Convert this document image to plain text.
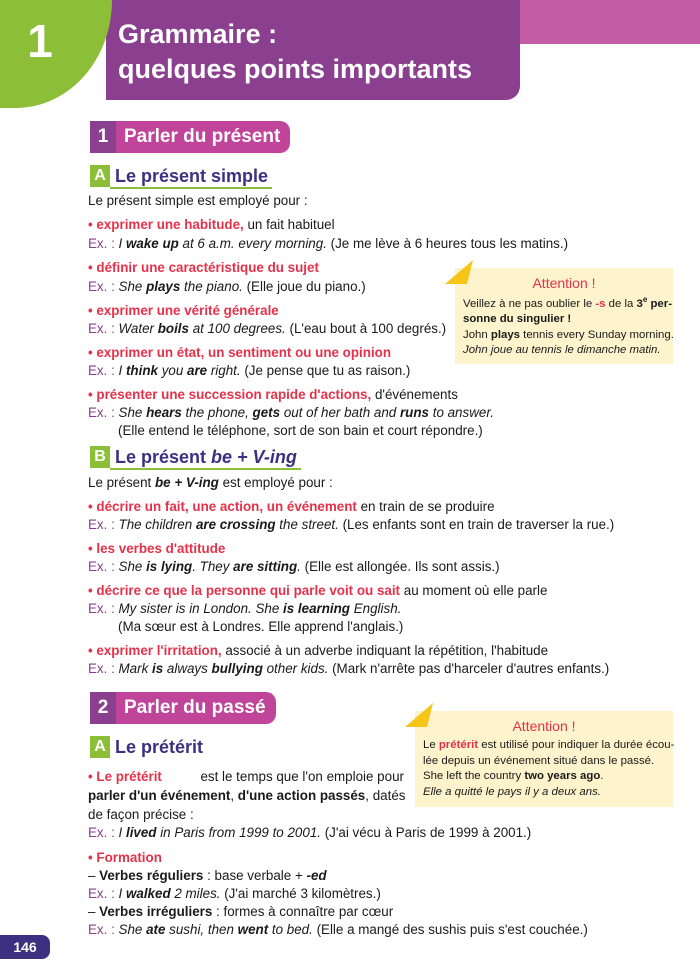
1	Grammaire :
quelques points importants
1 Parler du présent
A Le présent simple
Le présent simple est employé pour :
• exprimer une habitude, un fait habituel
Ex. : I wake up at 6 a.m. every morning. (Je me lève à 6 heures tous les matins.)
• définir une caractéristique du sujet
Ex. : She plays the piano. (Elle joue du piano.)
• exprimer une vérité générale
Ex. : Water boils at 100 degrees. (L'eau bout à 100 degrés.)
• exprimer un état, un sentiment ou une opinion
Ex. : I think you are right. (Je pense que tu as raison.)
• présenter une succession rapide d'actions, d'événements
Ex. : She hears the phone, gets out of her bath and runs to answer.
(Elle entend le téléphone, sort de son bain et court répondre.)
Attention !
Veillez à ne pas oublier le -s de la 3e per-
sonne du singulier !
John plays tennis every Sunday morning.
John joue au tennis le dimanche matin.
B Le présent be + V-ing
Le présent be + V-ing est employé pour :
• décrire un fait, une action, un événement en train de se produire
Ex. : The children are crossing the street. (Les enfants sont en train de traverser la rue.)
• les verbes d'attitude
Ex. : She is lying. They are sitting. (Elle est allongée. Ils sont assis.)
• décrire ce que la personne qui parle voit ou sait au moment où elle parle
Ex. : My sister is in London. She is learning English.
(Ma sœur est à Londres. Elle apprend l'anglais.)
• exprimer l'irritation, associé à un adverbe indiquant la répétition, l'habitude
Ex. : Mark is always bullying other kids. (Mark n'arrête pas d'harceler d'autres enfants.)
2 Parler du passé
Attention !
Le prétérit est utilisé pour indiquer la durée écou-
lée depuis un événement situé dans le passé.
She left the country two years ago.
Elle a quitté le pays il y a deux ans.
A Le prétérit
• Le prétérit	est le temps que l'on emploie pour
parler d'un événement, d'une action passés, datés
de façon précise :
Ex. : I lived in Paris from 1999 to 2001. (J'ai vécu à Paris de 1999 à 2001.)
• Formation
– Verbes réguliers : base verbale + -ed
Ex. : I walked 2 miles. (J'ai marché 3 kilomètres.)
– Verbes irréguliers : formes à connaître par cœur
Ex. : She ate sushi, then went to bed. (Elle a mangé des sushis puis s'est couchée.)
146
